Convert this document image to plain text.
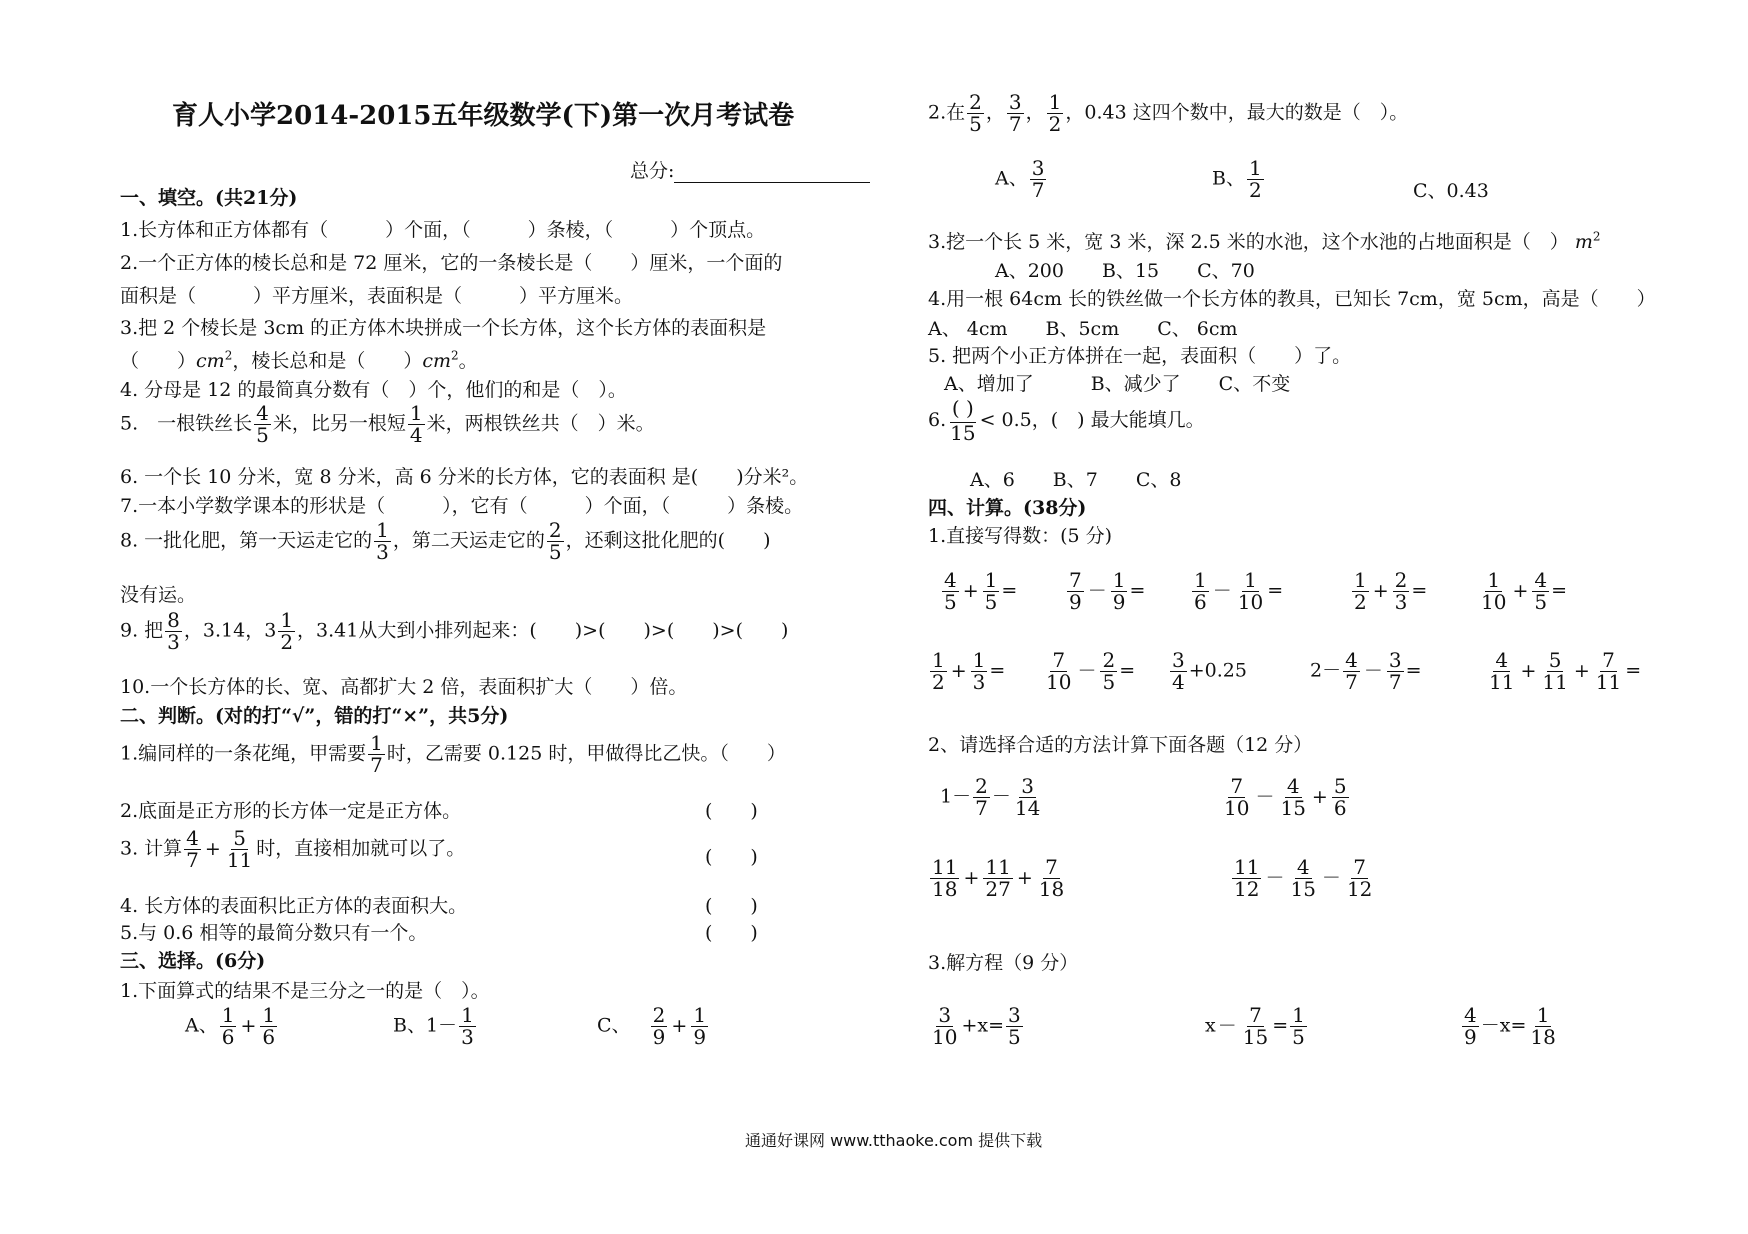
育人小学2014-2015五年级数学(下)第一次月考试卷
总分:
一、填空。(共21分)
1.长方体和正方体都有（　　　）个面，（　　　）条棱，（　　　）个顶点。
2.一个正方体的棱长总和是 72 厘米，它的一条棱长是（　　）厘米，一个面的
面积是（　　　）平方厘米，表面积是（　　　）平方厘米。
3.把 2 个棱长是 3cm 的正方体木块拼成一个长方体，这个长方体的表面积是
（　　）$cm^2$，棱长总和是（　　）$cm^2$。
4. 分母是 12 的最简真分数有（　）个，他们的和是（　）。
5.　一根铁丝长 $\frac{4}{5}$ 米，比另一根短 $\frac{1}{4}$ 米，两根铁丝共（　）米。
6. 一个长 10 分米，宽 8 分米，高 6 分米的长方体，它的表面积 是(　　)分米²。
7.一本小学数学课本的形状是（　　　），它有（　　　）个面，（　　　）条棱。
8. 一批化肥，第一天运走它的 $\frac{1}{3}$ ，第二天运走它的 $\frac{2}{5}$ ，还剩这批化肥的(　　)
没有运。
9. 把 $\frac{8}{3}$ ，3.14，$3 \frac{1}{2}$ ，3.41从大到小排列起来：(　　)>(　　)>(　　)>(　　)
10.一个长方体的长、宽、高都扩大 2 倍，表面积扩大（　　）倍。
二、判断。(对的打“√”，错的打“×”，共5分)
1.编同样的一条花绳，甲需要 $\frac{1}{7}$ 时，乙需要 0.125 时，甲做得比乙快。（　　）
2.底面是正方形的长方体一定是正方体。	(　　)
3. 计算 $\frac{4}{7} + \frac{5}{11}$ 时，直接相加就可以了。	(　　)
4. 长方体的表面积比正方体的表面积大。	(　　)
5.与 0.6 相等的最简分数只有一个。	(　　)
三、选择。(6分)
1.下面算式的结果不是三分之一的是（　）。
A、 $\frac{1}{6} + \frac{1}{6}$	B、$1- \frac{1}{3}$	C、 $\frac{2}{9} + \frac{1}{9}$
2.在 $\frac{2}{5}$ ， $\frac{3}{7}$ ， $\frac{1}{2}$ ，0.43 这四个数中，最大的数是（　）。
A、 $\frac{3}{7}$	B、 $\frac{1}{2}$	C、0.43
3.挖一个长 5 米，宽 3 米，深 2.5 米的水池，这个水池的占地面积是（　） $m^2$
A、200　　B、15　　C、70
4.用一根 64cm 长的铁丝做一个长方体的教具，已知长 7cm，宽 5cm，高是（　　）
A、 4cm　　B、5cm　　C、 6cm
5. 把两个小正方体拼在一起，表面积（　　）了。
A、增加了　　　B、减少了　　C、不变
6. $\frac{( )}{15} < 0.5$，(　) 最大能填几。
A、6　　B、7　　C、8
四、计算。(38分)
1.直接写得数：(5 分)
$\frac{4}{5} + \frac{1}{5} = \frac{7}{9} - \frac{1}{9} = \frac{1}{6} - \frac{1}{10}$ =	$\frac{1}{2} + \frac{2}{3}$ =	$\frac{1}{10} + \frac{4}{5}$ =
$\frac{1}{2} + \frac{1}{3} = \frac{7}{10} - \frac{2}{5} = \frac{3}{4} +0.25$	$2- \frac{4}{7} - \frac{3}{7}$ =	$\frac{4}{11} + \frac{5}{11} + \frac{7}{11}$ =
2、请选择合适的方法计算下面各题（12 分）
$1- \frac{2}{7} - \frac{3}{14}$	$\frac{7}{10} - \frac{4}{15} + \frac{5}{6}$
$\frac{11}{18} + \frac{11}{27} + \frac{7}{18}$	$\frac{11}{12} - \frac{4}{15} - \frac{7}{12}$
3.解方程（9 分）
$\frac{3}{10} +x= \frac{3}{5}$	$x - \frac{7}{15} = \frac{1}{5}$	$\frac{4}{9} -x= \frac{1}{18}$
通通好课网 www.tthaoke.com 提供下载
